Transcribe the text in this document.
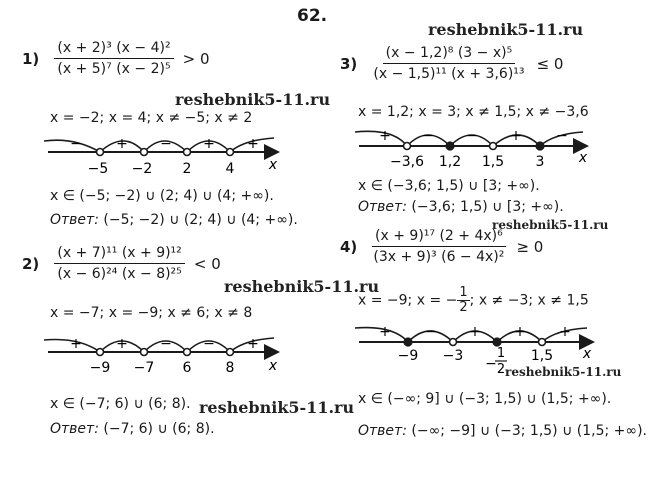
62.
reshebnik5-11.ru
reshebnik5-11.ru
reshebnik5-11.ru
reshebnik5-11.ru
reshebnik5-11.ru
reshebnik5-11.ru
$1) \frac{\text{(x + 2)³ (x − 4)²}}{\text{(x + 5)⁷ (x − 2)⁵}} > 0$
x = −2; x = 4; x ≠ −5; x ≠ 2
− + − + +
−5 −2 2 4 x
x ∈ (−5; −2) ∪ (2; 4) ∪ (4; +∞).
Ответ: (−5; −2) ∪ (2; 4) ∪ (4; +∞).
$2) \frac{\text{(x + 7)¹¹ (x + 9)¹²}}{\text{(x − 6)²⁴ (x − 8)²⁵}} < 0$
x = −7; x = −9; x ≠ 6; x ≠ 8
+ + − − +
−9 −7 6 8 x
x ∈ (−7; 6) ∪ (6; 8).
Ответ: (−7; 6) ∪ (6; 8).
$3) \frac{\text{(x − 1,2)⁸ (3 − x)⁵}}{\text{(x − 1,5)¹¹ (x + 3,6)¹³}} \le 0$
x = 1,2; x = 3; x ≠ 1,5; x ≠ −3,6
+ − − + −
−3,6 1,2 1,5 3 x
x ∈ (−3,6; 1,5) ∪ [3; +∞).
Ответ: (−3,6; 1,5) ∪ [3; +∞).
$4) \frac{\text{(x + 9)¹⁷ (2 + 4x)⁶}}{\text{(3x + 9)³ (6 − 4x)²}} \ge 0$
x = −9; x = − $\frac{1}{2}$ ; x ≠ −3; x ≠ 1,5
+ − + + +
−9 −3	1,5
−
1
2
x
x ∈ (−∞; 9] ∪ (−3; 1,5) ∪ (1,5; +∞).
Ответ: (−∞; −9] ∪ (−3; 1,5) ∪ (1,5; +∞).
